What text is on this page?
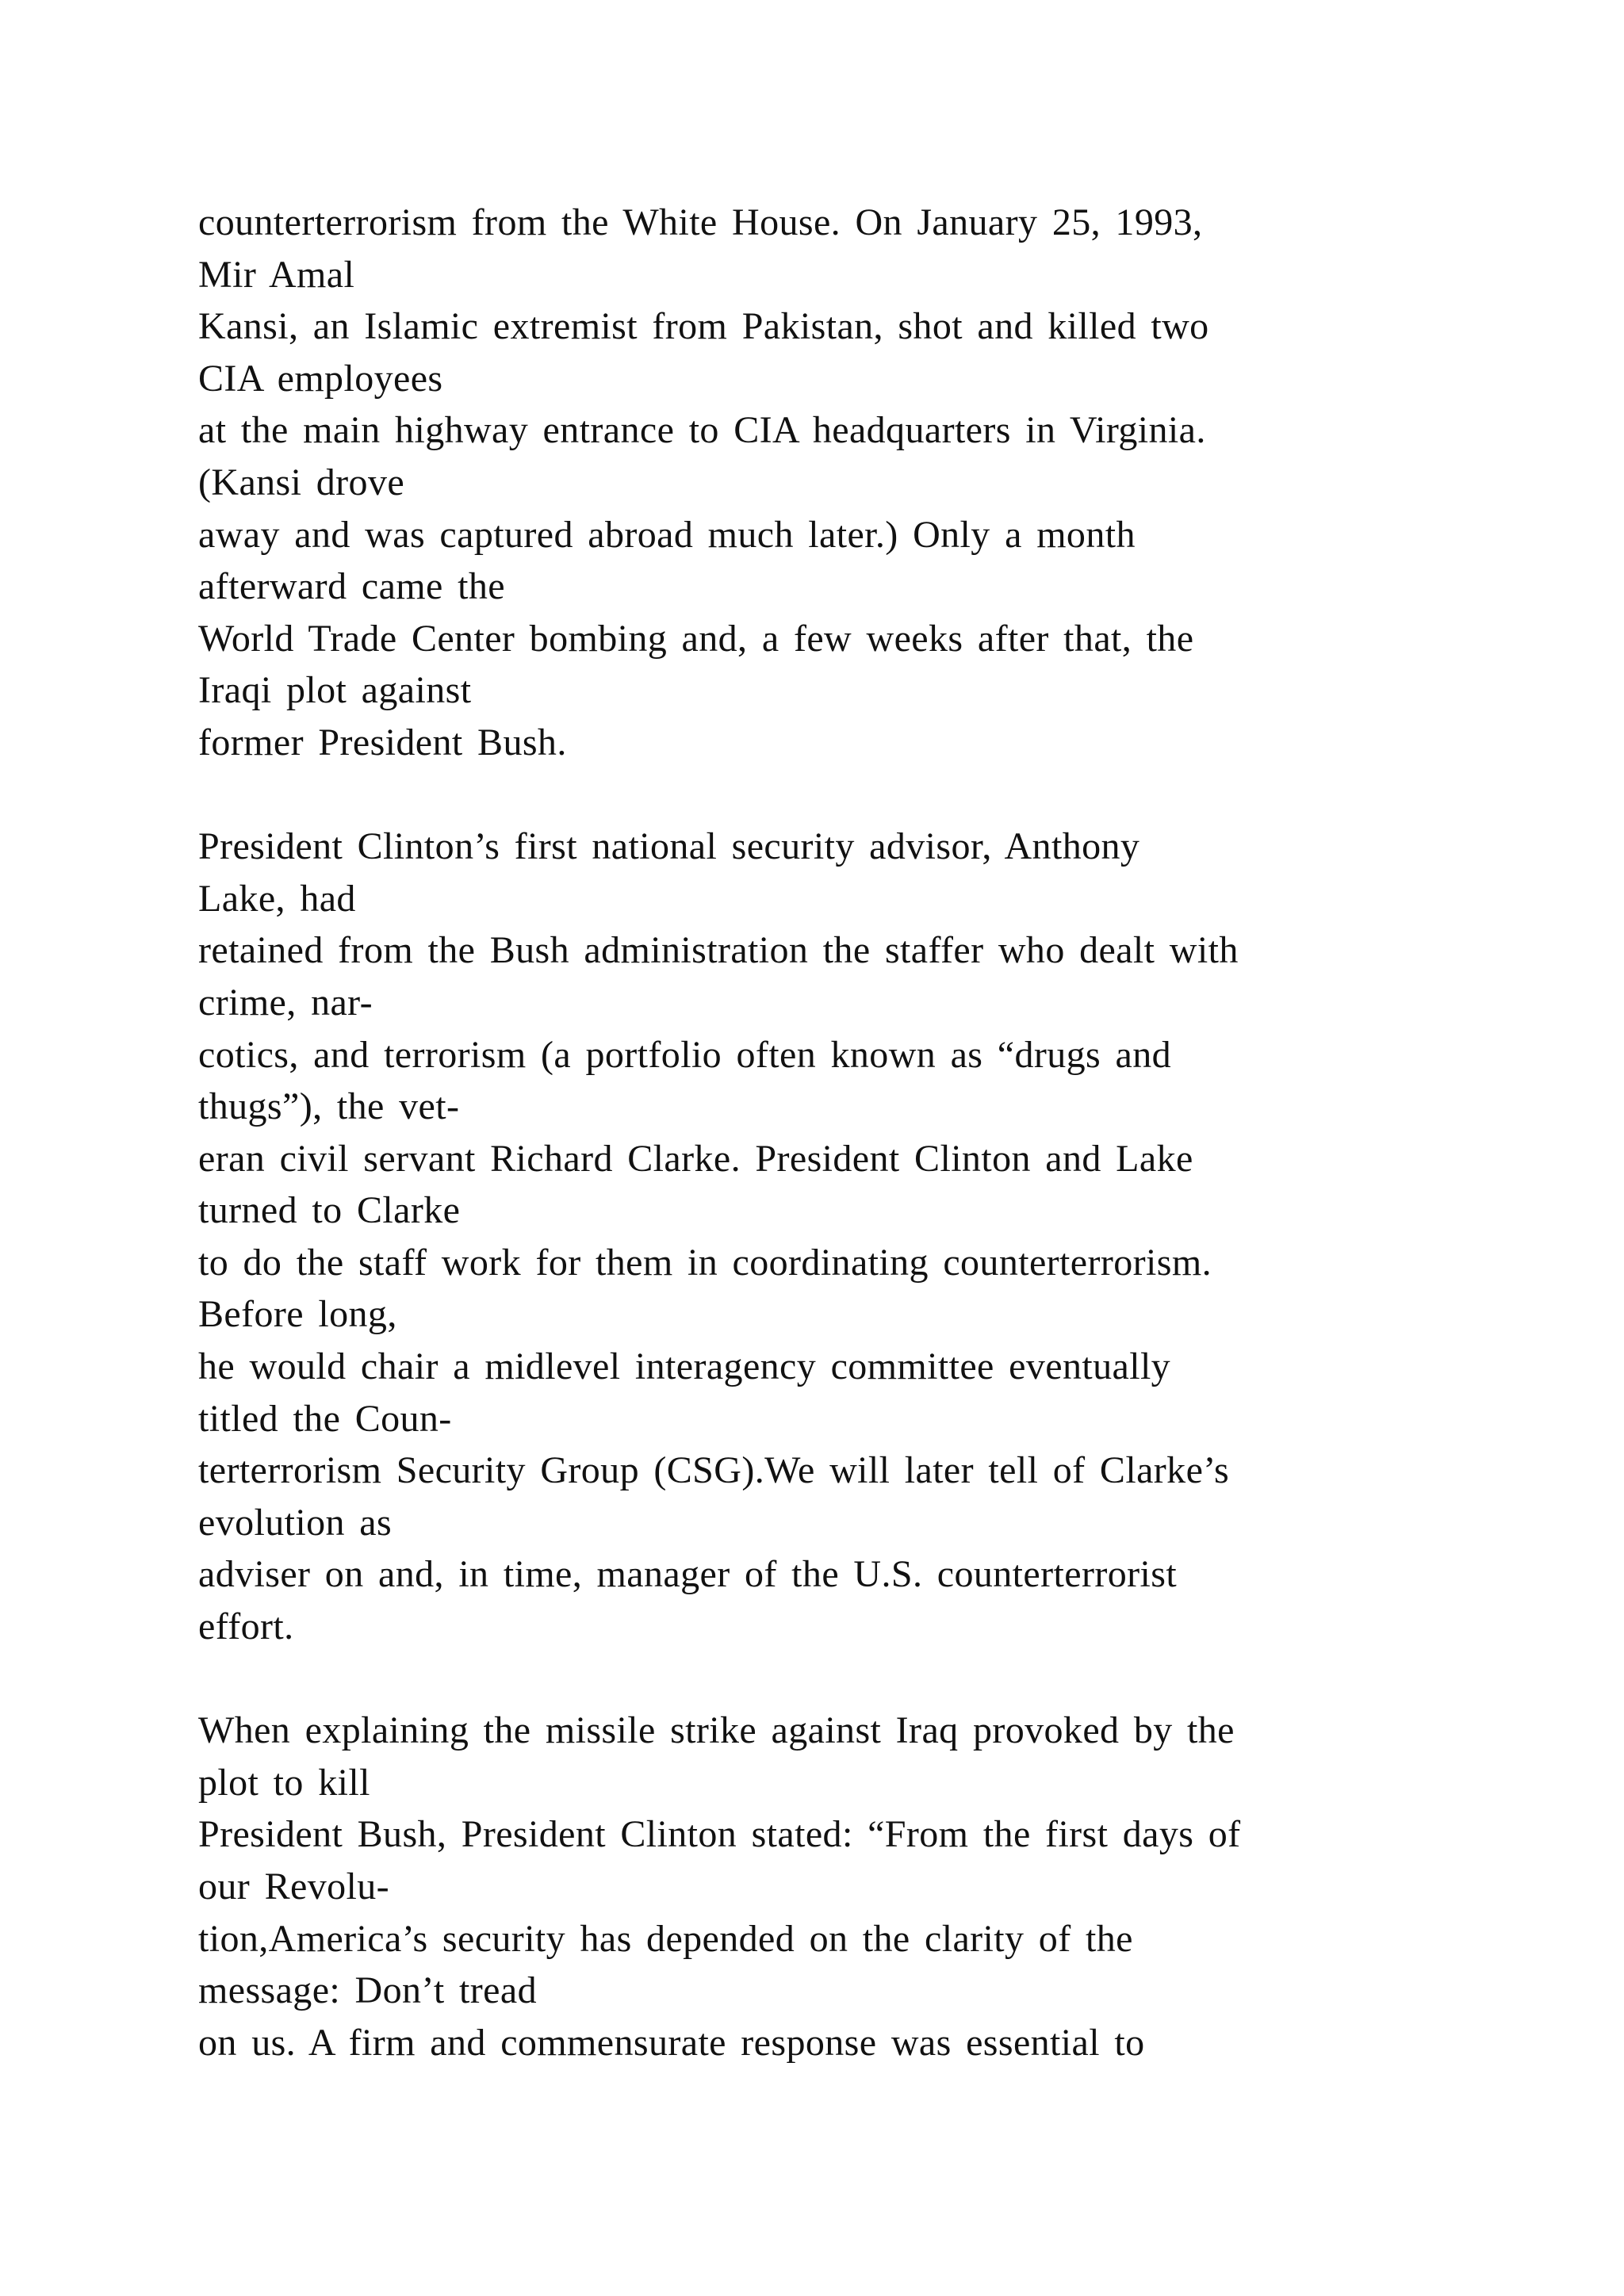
counterterrorism from the White House. On January 25, 1993,
Mir Amal
Kansi, an Islamic extremist from Pakistan, shot and killed two
CIA employees
at the main highway entrance to CIA headquarters in Virginia.
(Kansi drove
away and was captured abroad much later.) Only a month
afterward came the
World Trade Center bombing and, a few weeks after that, the
Iraqi plot against
former President Bush.
President Clinton’s first national security advisor, Anthony
Lake, had
retained from the Bush administration the staffer who dealt with
crime, nar-
cotics, and terrorism (a portfolio often known as “drugs and
thugs”), the vet-
eran civil servant Richard Clarke. President Clinton and Lake
turned to Clarke
to do the staff work for them in coordinating counterterrorism.
Before long,
he would chair a midlevel interagency committee eventually
titled the Coun-
terterrorism Security Group (CSG).We will later tell of Clarke’s
evolution as
adviser on and, in time, manager of the U.S. counterterrorist
effort.
When explaining the missile strike against Iraq provoked by the
plot to kill
President Bush, President Clinton stated: “From the first days of
our Revolu-
tion,America’s security has depended on the clarity of the
message: Don’t tread
on us. A firm and commensurate response was essential to
